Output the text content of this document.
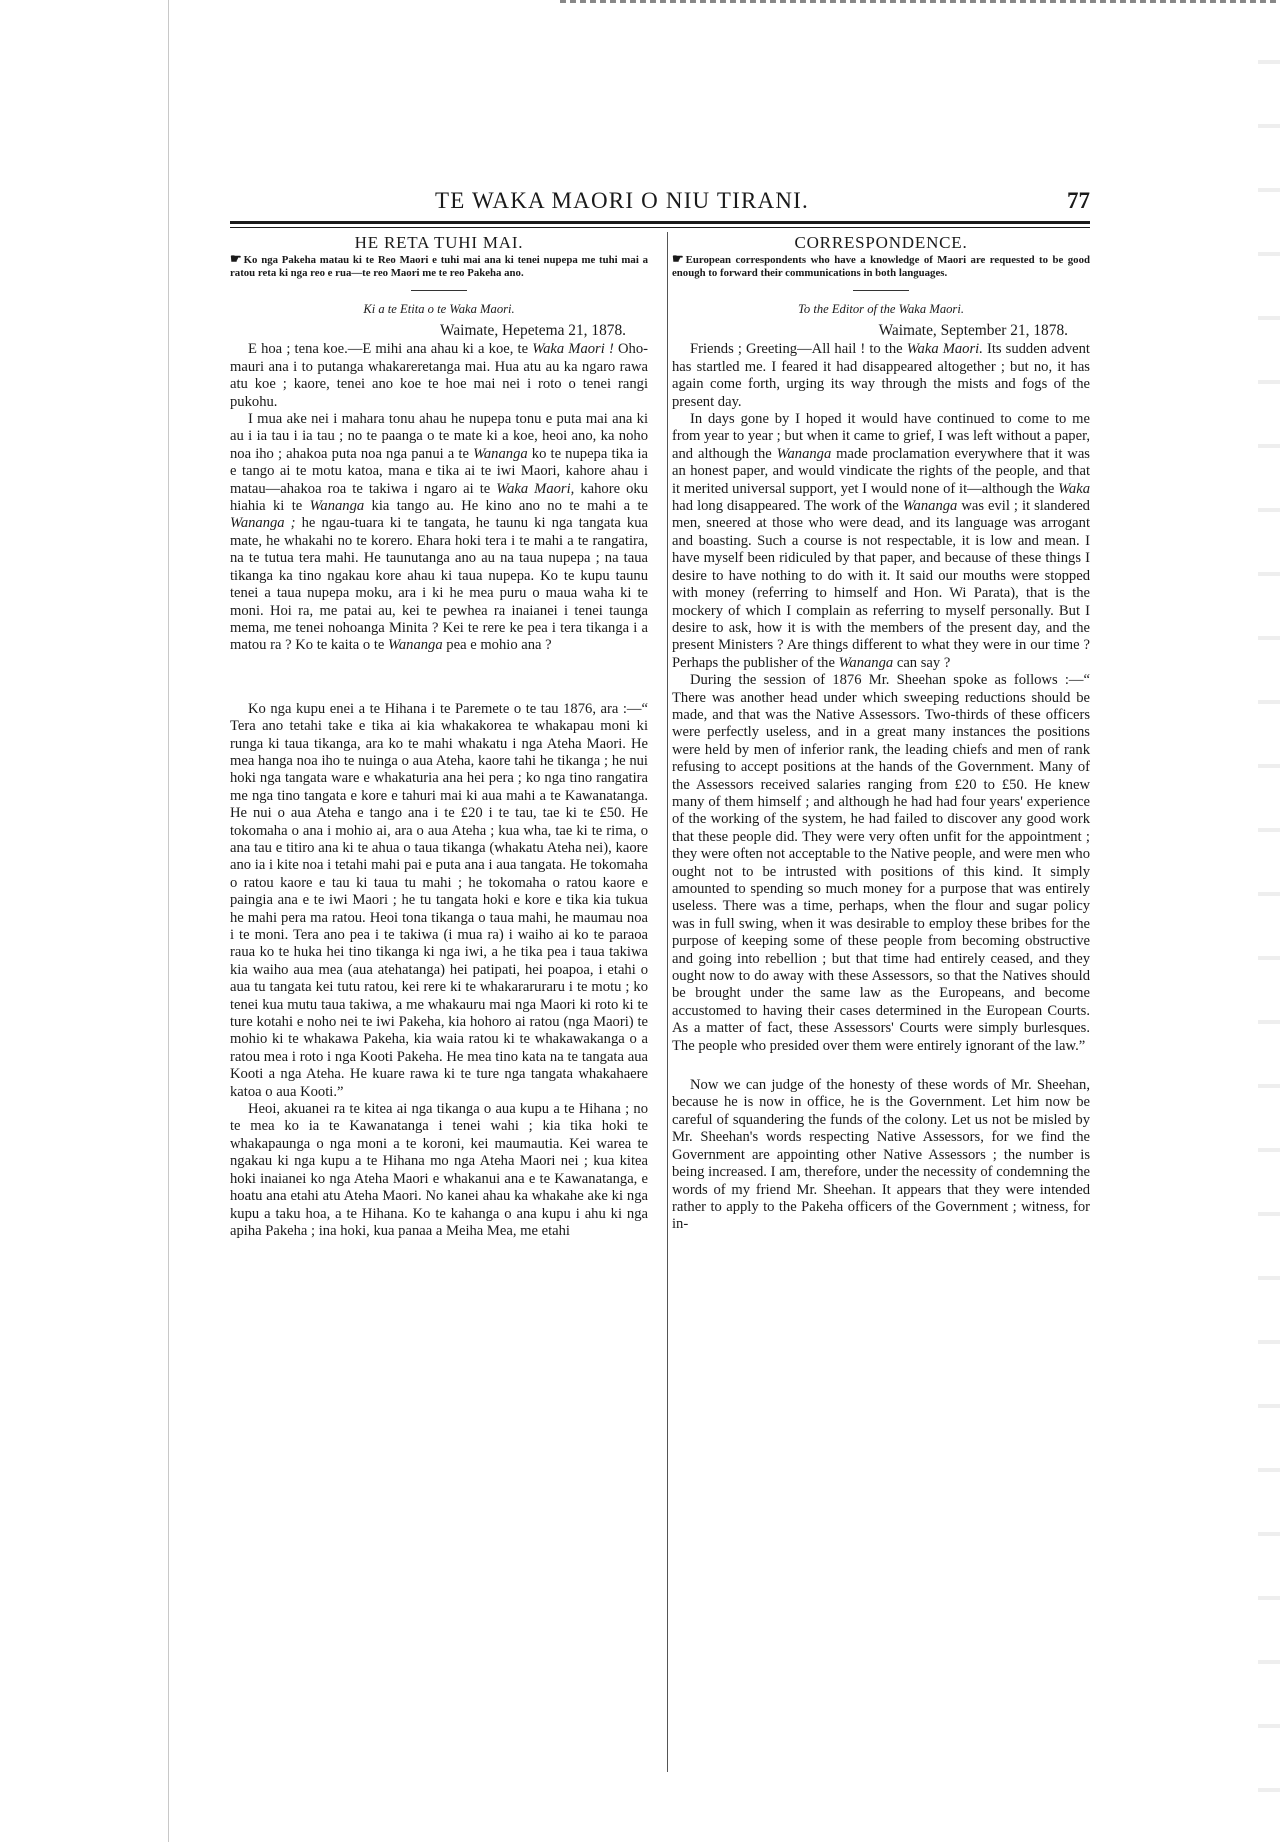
TE WAKA MAORI O NIU TIRANI.	77
HE RETA TUHI MAI.
☛ Ko nga Pakeha matau ki te Reo Maori e tuhi mai ana ki tenei nupepa me tuhi mai a ratou reta ki nga reo e rua—te reo Maori me te reo Pakeha ano.
Ki a te Etita o te Waka Maori.
Waimate, Hepetema 21, 1878.

E hoa ; tena koe.—E mihi ana ahau ki a koe, te Waka Maori ! Oho-mauri ana i to putanga whakareretanga mai. Hua atu au ka ngaro rawa atu koe ; kaore, tenei ano koe te hoe mai nei i roto o tenei rangi pukohu.

I mua ake nei i mahara tonu ahau he nupepa tonu e puta mai ana ki au i ia tau i ia tau ; no te paanga o te mate ki a koe, heoi ano, ka noho noa iho ; ahakoa puta noa nga panui a te Wananga ko te nupepa tika ia e tango ai te motu katoa, mana e tika ai te iwi Maori, kahore ahau i matau—ahakoa roa te takiwa i ngaro ai te Waka Maori, kahore oku hiahia ki te Wananga kia tango au. He kino ano no te mahi a te Wananga ; he ngau-tuara ki te tangata, he taunu ki nga tangata kua mate, he whakahi no te korero. Ehara hoki tera i te mahi a te rangatira, na te tutua tera mahi. He taunutanga ano au na taua nupepa ; na taua tikanga ka tino ngakau kore ahau ki taua nupepa. Ko te kupu taunu tenei a taua nupepa moku, ara i ki he mea puru o maua waha ki te moni. Hoi ra, me patai au, kei te pewhea ra inaianei i tenei taunga mema, me tenei nohoanga Minita ? Kei te rere ke pea i tera tikanga i a matou ra ? Ko te kaita o te Wananga pea e mohio ana ?

Ko nga kupu enei a te Hihana i te Paremete o te tau 1876, ara :—“ Tera ano tetahi take e tika ai kia whakakorea te whakapau moni ki runga ki taua tikanga, ara ko te mahi whakatu i nga Ateha Maori. He mea hanga noa iho te nuinga o aua Ateha, kaore tahi he tikanga ; he nui hoki nga tangata ware e whakaturia ana hei pera ; ko nga tino rangatira me nga tino tangata e kore e tahuri mai ki aua mahi a te Kawanatanga. He nui o aua Ateha e tango ana i te £20 i te tau, tae ki te £50. He tokomaha o ana i mohio ai, ara o aua Ateha ; kua wha, tae ki te rima, o ana tau e titiro ana ki te ahua o taua tikanga (whakatu Ateha nei), kaore ano ia i kite noa i tetahi mahi pai e puta ana i aua tangata. He tokomaha o ratou kaore e tau ki taua tu mahi ; he tokomaha o ratou kaore e paingia ana e te iwi Maori ; he tu tangata hoki e kore e tika kia tukua he mahi pera ma ratou. Heoi tona tikanga o taua mahi, he maumau noa i te moni. Tera ano pea i te takiwa (i mua ra) i waiho ai ko te paraoa raua ko te huka hei tino tikanga ki nga iwi, a he tika pea i taua takiwa kia waiho aua mea (aua atehatanga) hei patipati, hei poapoa, i etahi o aua tu tangata kei tutu ratou, kei rere ki te whakararuraru i te motu ; ko tenei kua mutu taua takiwa, a me whakauru mai nga Maori ki roto ki te ture kotahi e noho nei te iwi Pakeha, kia hohoro ai ratou (nga Maori) te mohio ki te whakawa Pakeha, kia waia ratou ki te whakawakanga o a ratou mea i roto i nga Kooti Pakeha. He mea tino kata na te tangata aua Kooti a nga Ateha. He kuare rawa ki te ture nga tangata whakahaere katoa o aua Kooti.”

Heoi, akuanei ra te kitea ai nga tikanga o aua kupu a te Hihana ; no te mea ko ia te Kawanatanga i tenei wahi ; kia tika hoki te whakapaunga o nga moni a te koroni, kei maumautia. Kei warea te ngakau ki nga kupu a te Hihana mo nga Ateha Maori nei ; kua kitea hoki inaianei ko nga Ateha Maori e whakanui ana e te Kawanatanga, e hoatu ana etahi atu Ateha Maori. No kanei ahau ka whakahe ake ki nga kupu a taku hoa, a te Hihana. Ko te kahanga o ana kupu i ahu ki nga apiha Pakeha ; ina hoki, kua panaa a Meiha Mea, me etahi

CORRESPONDENCE.
☛ European correspondents who have a knowledge of Maori are requested to be good enough to forward their communications in both languages.
To the Editor of the Waka Maori.
Waimate, September 21, 1878.

Friends ; Greeting—All hail ! to the Waka Maori. Its sudden advent has startled me. I feared it had disappeared altogether ; but no, it has again come forth, urging its way through the mists and fogs of the present day.

In days gone by I hoped it would have continued to come to me from year to year ; but when it came to grief, I was left without a paper, and although the Wananga made proclamation everywhere that it was an honest paper, and would vindicate the rights of the people, and that it merited universal support, yet I would none of it—although the Waka had long disappeared. The work of the Wananga was evil ; it slandered men, sneered at those who were dead, and its language was arrogant and boasting. Such a course is not respectable, it is low and mean. I have myself been ridiculed by that paper, and because of these things I desire to have nothing to do with it. It said our mouths were stopped with money (referring to himself and Hon. Wi Parata), that is the mockery of which I complain as referring to myself personally. But I desire to ask, how it is with the members of the present day, and the present Ministers ? Are things different to what they were in our time ? Perhaps the publisher of the Wananga can say ?

During the session of 1876 Mr. Sheehan spoke as follows :—“ There was another head under which sweeping reductions should be made, and that was the Native Assessors. Two-thirds of these officers were perfectly useless, and in a great many instances the positions were held by men of inferior rank, the leading chiefs and men of rank refusing to accept positions at the hands of the Government. Many of the Assessors received salaries ranging from £20 to £50. He knew many of them himself ; and although he had had four years' experience of the working of the system, he had failed to discover any good work that these people did. They were very often unfit for the appointment ; they were often not acceptable to the Native people, and were men who ought not to be intrusted with positions of this kind. It simply amounted to spending so much money for a purpose that was entirely useless. There was a time, perhaps, when the flour and sugar policy was in full swing, when it was desirable to employ these bribes for the purpose of keeping some of these people from becoming obstructive and going into rebellion ; but that time had entirely ceased, and they ought now to do away with these Assessors, so that the Natives should be brought under the same law as the Europeans, and become accustomed to having their cases determined in the European Courts. As a matter of fact, these Assessors' Courts were simply burlesques. The people who presided over them were entirely ignorant of the law.”

Now we can judge of the honesty of these words of Mr. Sheehan, because he is now in office, he is the Government. Let him now be careful of squandering the funds of the colony. Let us not be misled by Mr. Sheehan's words respecting Native Assessors, for we find the Government are appointing other Native Assessors ; the number is being increased. I am, therefore, under the necessity of condemning the words of my friend Mr. Sheehan. It appears that they were intended rather to apply to the Pakeha officers of the Government ; witness, for in-
